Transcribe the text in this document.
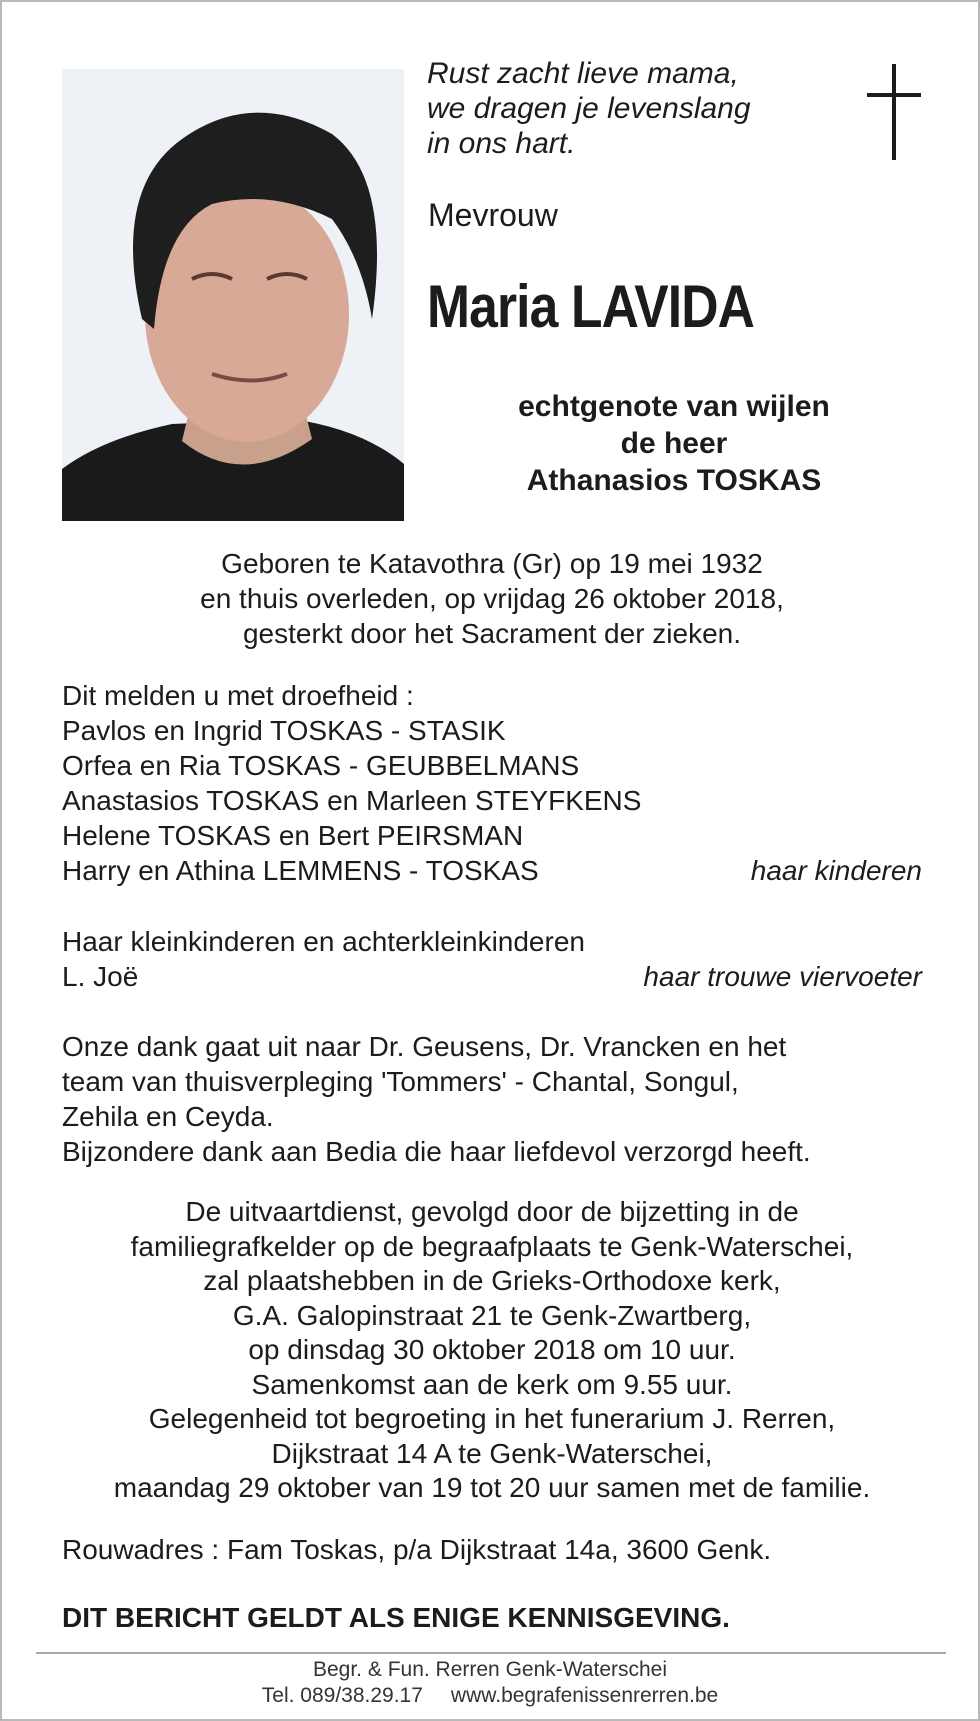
Rust zacht lieve mama,
we dragen je levenslang
in ons hart.
Mevrouw
Maria LAVIDA
echtgenote van wijlen
de heer
Athanasios TOSKAS
Geboren te Katavothra (Gr) op 19 mei 1932
en thuis overleden, op vrijdag 26 oktober 2018,
gesterkt door het Sacrament der zieken.
Dit melden u met droefheid :
Pavlos en Ingrid TOSKAS - STASIK
Orfea en Ria TOSKAS - GEUBBELMANS
Anastasios TOSKAS en Marleen STEYFKENS
Helene TOSKAS en Bert PEIRSMAN
Harry en Athina LEMMENS - TOSKAS	haar kinderen
Haar kleinkinderen en achterkleinkinderen
L. Joë	haar trouwe viervoeter
Onze dank gaat uit naar Dr. Geusens, Dr. Vrancken en het
team van thuisverpleging 'Tommers' - Chantal, Songul,
Zehila en Ceyda.
Bijzondere dank aan Bedia die haar liefdevol verzorgd heeft.
De uitvaartdienst, gevolgd door de bijzetting in de
familiegrafkelder op de begraafplaats te Genk-Waterschei,
zal plaatshebben in de Grieks-Orthodoxe kerk,
G.A. Galopinstraat 21 te Genk-Zwartberg,
op dinsdag 30 oktober 2018 om 10 uur.
Samenkomst aan de kerk om 9.55 uur.
Gelegenheid tot begroeting in het funerarium J. Rerren,
Dijkstraat 14 A te Genk-Waterschei,
maandag 29 oktober van 19 tot 20 uur samen met de familie.
Rouwadres : Fam Toskas, p/a Dijkstraat 14a, 3600 Genk.
DIT BERICHT GELDT ALS ENIGE KENNISGEVING.
Begr. & Fun. Rerren Genk-Waterschei
Tel. 089/38.29.17 www.begrafenissenrerren.be
